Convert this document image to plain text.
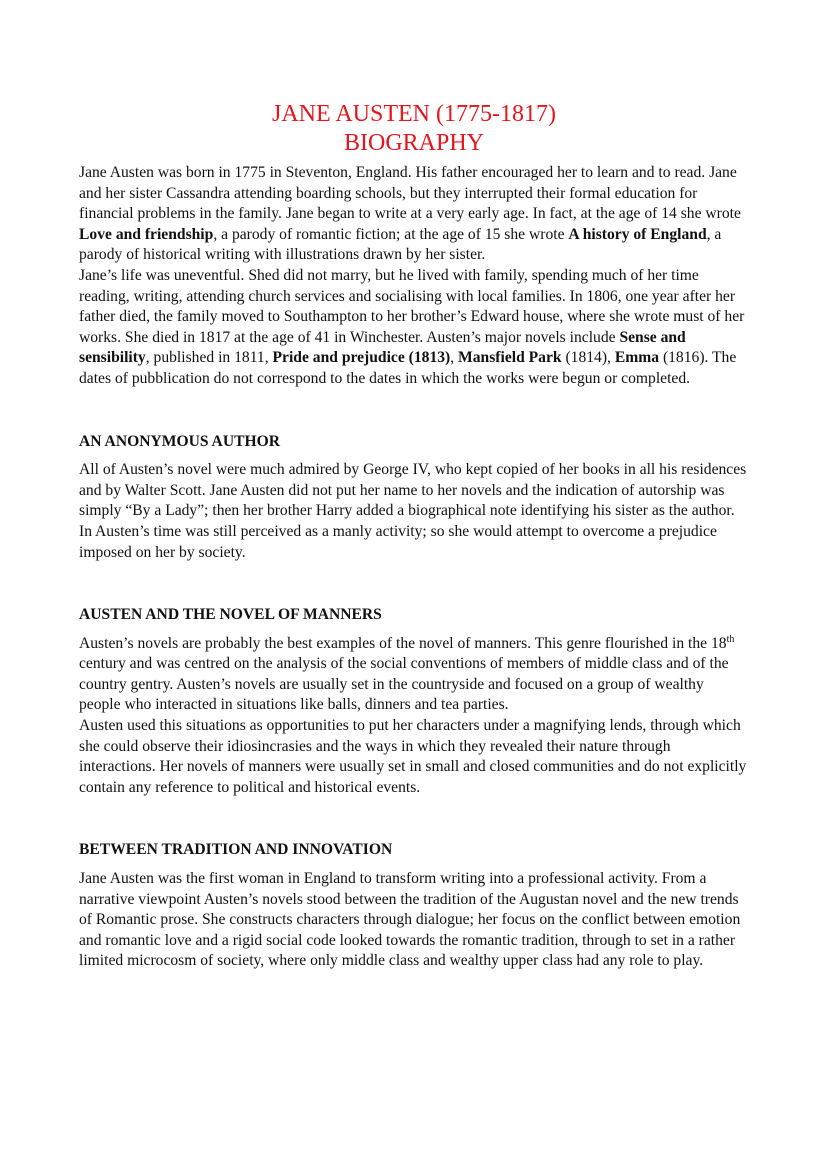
JANE AUSTEN (1775-1817)
BIOGRAPHY

Jane Austen was born in 1775 in Steventon, England. His father encouraged her to learn and to read. Jane and her sister Cassandra attending boarding schools, but they interrupted their formal education for financial problems in the family. Jane began to write at a very early age. In fact, at the age of 14 she wrote Love and friendship, a parody of romantic fiction; at the age of 15 she wrote A history of England, a parody of historical writing with illustrations drawn by her sister.

Jane’s life was uneventful. Shed did not marry, but he lived with family, spending much of her time reading, writing, attending church services and socialising with local families. In 1806, one year after her father died, the family moved to Southampton to her brother’s Edward house, where she wrote must of her works. She died in 1817 at the age of 41 in Winchester. Austen’s major novels include Sense and sensibility, published in 1811, Pride and prejudice (1813), Mansfield Park (1814), Emma (1816). The dates of pubblication do not correspond to the dates in which the works were begun or completed.

AN ANONYMOUS AUTHOR

All of Austen’s novel were much admired by George IV, who kept copied of her books in all his residences and by Walter Scott. Jane Austen did not put her name to her novels and the indication of autorship was simply “By a Lady”; then her brother Harry added a biographical note identifying his sister as the author. In Austen’s time was still perceived as a manly activity; so she would attempt to overcome a prejudice imposed on her by society.

AUSTEN AND THE NOVEL OF MANNERS

Austen’s novels are probably the best examples of the novel of manners. This genre flourished in the 18th century and was centred on the analysis of the social conventions of members of middle class and of the country gentry. Austen’s novels are usually set in the countryside and focused on a group of wealthy people who interacted in situations like balls, dinners and tea parties.

Austen used this situations as opportunities to put her characters under a magnifying lends, through which she could observe their idiosincrasies and the ways in which they revealed their nature through interactions. Her novels of manners were usually set in small and closed communities and do not explicitly contain any reference to political and historical events.

BETWEEN TRADITION AND INNOVATION

Jane Austen was the first woman in England to transform writing into a professional activity. From a narrative viewpoint Austen’s novels stood between the tradition of the Augustan novel and the new trends of Romantic prose. She constructs characters through dialogue; her focus on the conflict between emotion and romantic love and a rigid social code looked towards the romantic tradition, through to set in a rather limited microcosm of society, where only middle class and wealthy upper class had any role to play.
